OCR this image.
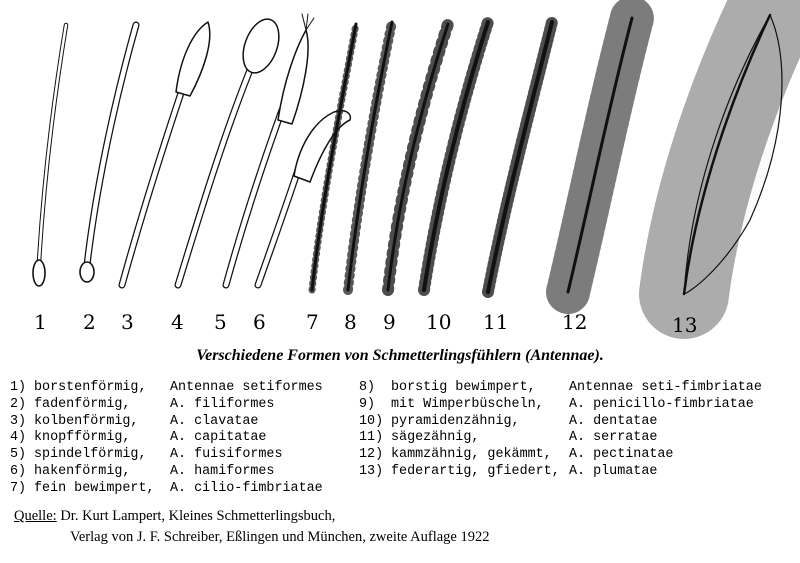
1 2 3 4 5 6 7 8 9 10 11	12	13
Verschiedene Formen von Schmetterlingsfühlern (Antennae).
1) borstenförmig, Antennae setiformes
2) fadenförmig,	A. filiformes
3) kolbenförmig, A. clavatae
4) knopfförmig,	A. capitatae
5) spindelförmig, A. fuisiformes
6) hakenförmig,	A. hamiformes
7) fein bewimpert, A. cilio-fimbriatae
8) borstig bewimpert, Antennae seti-fimbriatae
9) mit Wimperbüscheln, A. penicillo-fimbriatae
10) pyramidenzähnig,	A. dentatae
11) sägezähnig,	A. serratae
12) kammzähnig, gekämmt, A. pectinatae
13) federartig, gfiedert, A. plumatae
Quelle: Dr. Kurt Lampert, Kleines Schmetterlingsbuch,
Verlag von J. F. Schreiber, Eßlingen und München, zweite Auflage 1922
